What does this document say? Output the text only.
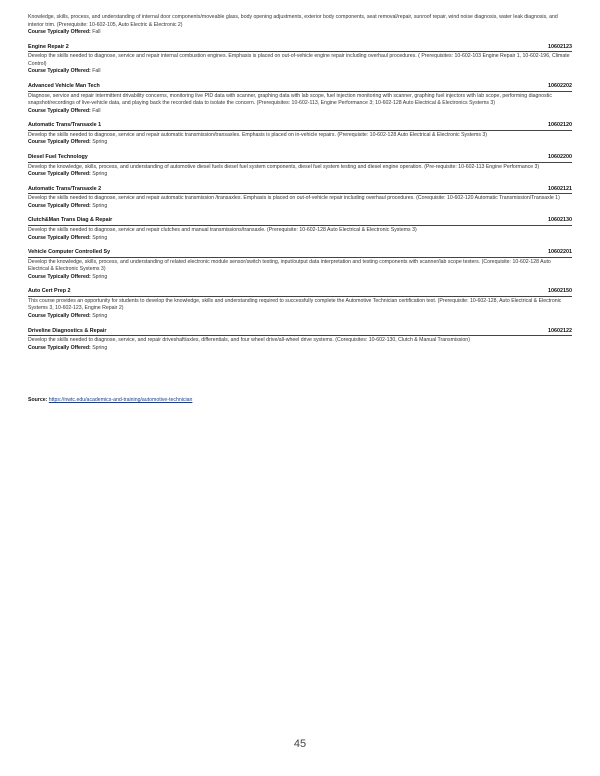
Knowledge, skills, process, and understanding of internal door components/moveable glass, body opening adjustments, exterior body components, seat removal/repair, sunroof repair, wind noise diagnosis, water leak diagnosis, and interior trim. (Prerequisite: 10-602-105, Auto Electric & Electronic 2)
Course Typically Offered: Fall
Engine Repair 2	10602123
Develop the skills needed to diagnose, service and repair internal combustion engines. Emphasis is placed on out-of-vehicle engine repair including overhaul procedures. ( Prerequisites: 10-602-103 Engine Repair 1, 10-602-196, Climate Control)
Course Typically Offered: Fall
Advanced Vehicle Man Tech	10602202
Diagnose, service and repair intermittent drivability concerns, monitoring live PID data with scanner, graphing data with lab scope, fuel injection monitoring with scanner, graphing fuel injectors with lab scope, performing diagnostic snapshot/recordings of live-vehicle data, and playing back the recorded data to isolate the concern. (Prerequisites: 10-602-113, Engine Performance 3; 10-602-128 Auto Electrical & Electronics Systems 3)
Course Typically Offered: Fall
Automatic Trans/Transaxle 1	10602120
Develop the skills needed to diagnose, service and repair automatic transmission/transaxles. Emphasis is placed on in-vehicle repairs. (Prerequisite: 10-602-128 Auto Electrical & Electronic Systems 3)
Course Typically Offered: Spring
Diesel Fuel Technology	10602200
Develop the knowledge, skills, process, and understanding of automotive diesel fuels diesel fuel system components, diesel fuel system testing and diesel engine operation. (Pre-requisite: 10-602-113 Engine Performance 3)
Course Typically Offered: Spring
Automatic Trans/Transaxle 2	10602121
Develop the skills needed to diagnose, service and repair automatic transmission /transaxles. Emphasis is placed on out-of-vehicle repair including overhaul procedures. (Corequisite: 10-602-120 Automatic Transmission/Transaxle 1)
Course Typically Offered: Spring
Clutch&Man Trans Diag & Repair	10602130
Develop the skills needed to diagnose, service and repair clutches and manual transmissions/transaxle. (Prerequisite: 10-602-128 Auto Electrical & Electronic Systems 3)
Course Typically Offered: Spring
Vehicle Computer Controlled Sy	10602201
Develop the knowledge, skills, process, and understanding of related electronic module sensor/switch testing, input/output data interpretation and testing components with scanner/lab scope testers. (Corequisite: 10-602-128 Auto Electrical & Electronic Systems 3)
Course Typically Offered: Spring
Auto Cert Prep 2	10602150
This course provides an opportunity for students to develop the knowledge, skills and understanding required to successfully complete the Automotive Technician certification test. (Prerequisite: 10-602-128, Auto Electrical & Electronic Systems 3, 10-602-123, Engine Repair 2)
Course Typically Offered: Spring
Driveline Diagnostics & Repair	10602122
Develop the skills needed to diagnose, service, and repair driveshaft/axles, differentials, and four wheel drive/all-wheel drive systems. (Corequisites: 10-602-130, Clutch & Manual Transmission)
Course Typically Offered: Spring
Source: https://nwtc.edu/academics-and-training/automotive-technician
45
